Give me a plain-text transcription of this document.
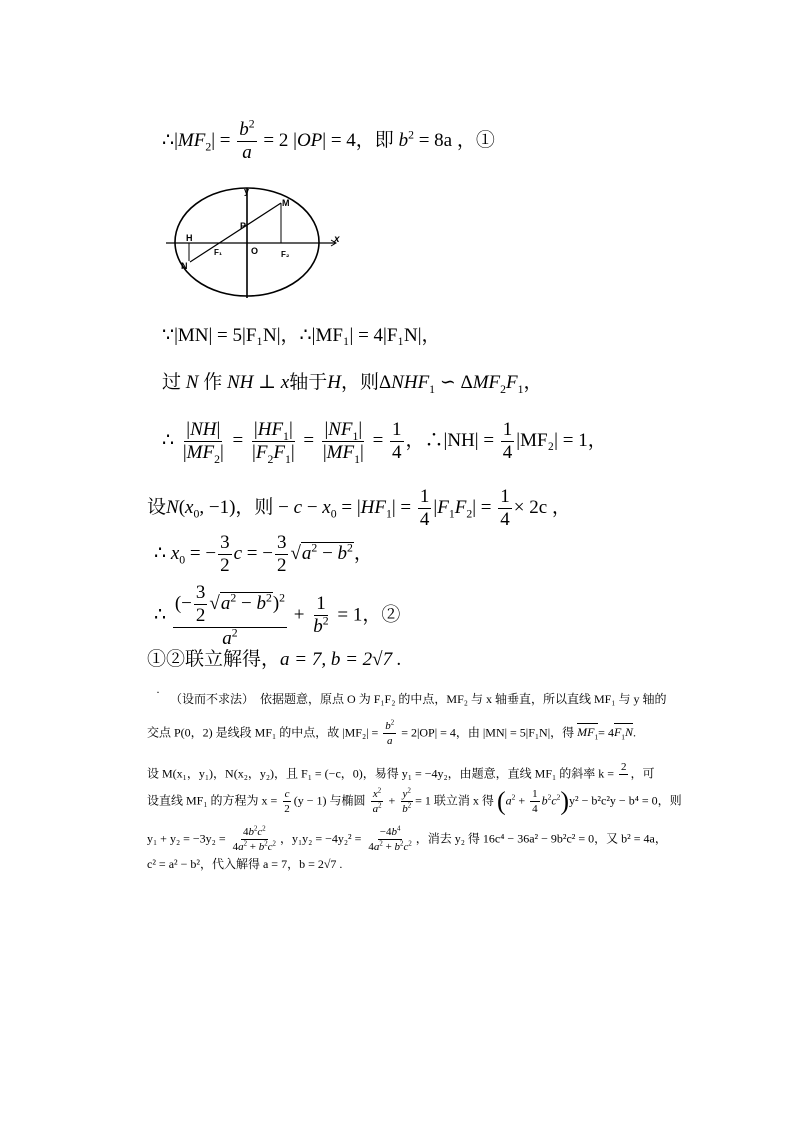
$\therefore|MF_2| = \frac{b^2}{a} = 2$ |OP| = 4，即 $b^2 = 8a$ ，①
y
x
M
P
O
H
F₁	F₂
N
∵|MN| = 5|F₁N|，∴|MF₁| = 4|F₁N|，
过 N 作 NH ⊥ x轴于H，则$\Delta NHF_1$ ∽ $\Delta MF_2F_1$，
∴ $\frac{|NH|}{|MF_2|} = \frac{|HF_1|}{|F_2F_1|} = \frac{|NF_1|}{|MF_1|} = \frac{1}{4}$ ，∴|NH| = $\frac{1}{4} |MF_2| = 1$，
设$N(x_0$, −1)，则 − $c - x_0 = |HF_1| = \frac{1}{4} |F_1F_2| = \frac{1}{4} \times 2c$ ，
∴ $x_0$ = − $\frac{3}{2}$ c = − $\frac{3}{2} √a^2 - b^2$，
∴ $\frac{(- \frac{3}{2} √a^2 - b^2)^2}{a^2} + \frac{1}{b^2} = 1$，②
①②联立解得，a = 7, b = 2√7 .
· （设而不求法）　 依据题意，原点 O 为 F₁F₂ 的中点，MF₂ 与 x 轴垂直，所以直线 MF₁ 与 y 轴的
交点 P(0，2) 是线段 MF₁ 的中点，故 $|MF_2| = \frac{b^2}{a} = 2|OP| = 4$，由 |MN| = 5|F₁N|，得 $MF_1= 4F_1N$.
设 M(x₁，y₁)，N(x₂，y₂)，且 F₁ = (−c，0)，易得 y₁ = −4y₂，由题意，直线 MF₁ 的斜率 k = 2
，可
设直线 MF₁ 的方程为 $x = \frac{c}{2} (y - 1)$ 与椭圆 $\frac{x^2}{a^2} + \frac{y^2}{b^2} = 1$ 联立消 x 得 $(a^2 + \frac{1}{4} b^2c^2)y^2 - b^2c^2y - b^4 = 0$，则
$y_1 + y_2 = -3y_2 = \frac{4b^2c^2}{4a^2 + b^2c^2}$ ，$y_1y_2 = -4y_2^2 = \frac{-4b^4}{4a^2 + b^2c^2}$ ，消去 y₂ 得 16c⁴ − 36a² − 9b²c² = 0，又 b² = 4a，
c² = a² − b²，代入解得 a = 7，b = 2√7 .
